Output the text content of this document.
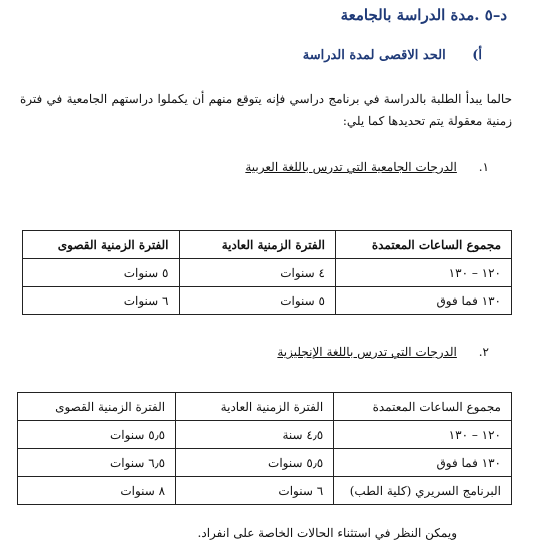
د–٥ .مدة الدراسة بالجامعة
أ) الحد الاقصى لمدة الدراسة
حالما يبدأ الطلبة بالدراسة في برنامج دراسي فإنه يتوقع منهم أن يكملوا دراستهم الجامعية في فترة زمنية معقولة يتم تحديدها كما يلي:
١. الدرجات الجامعية التي تدرس باللغة العربية
مجموع الساعات المعتمدة	الفترة الزمنية العادية	الفترة الزمنية القصوى
١٢٠ – ١٣٠	٤ سنوات	٥ سنوات
١٣٠ فما فوق	٥ سنوات	٦ سنوات
٢. الدرجات التي تدرس باللغة الإنجليزية
مجموع الساعات المعتمدة	الفترة الزمنية العادية	الفترة الزمنية القصوى
١٢٠ – ١٣٠	٤٫٥ سنة	٥٫٥ سنوات
١٣٠ فما فوق	٥٫٥ سنوات	٦٫٥ سنوات
البرنامج السريري (كلية الطب)	٦ سنوات	٨ سنوات
ويمكن النظر في استثناء الحالات الخاصة على انفراد.
